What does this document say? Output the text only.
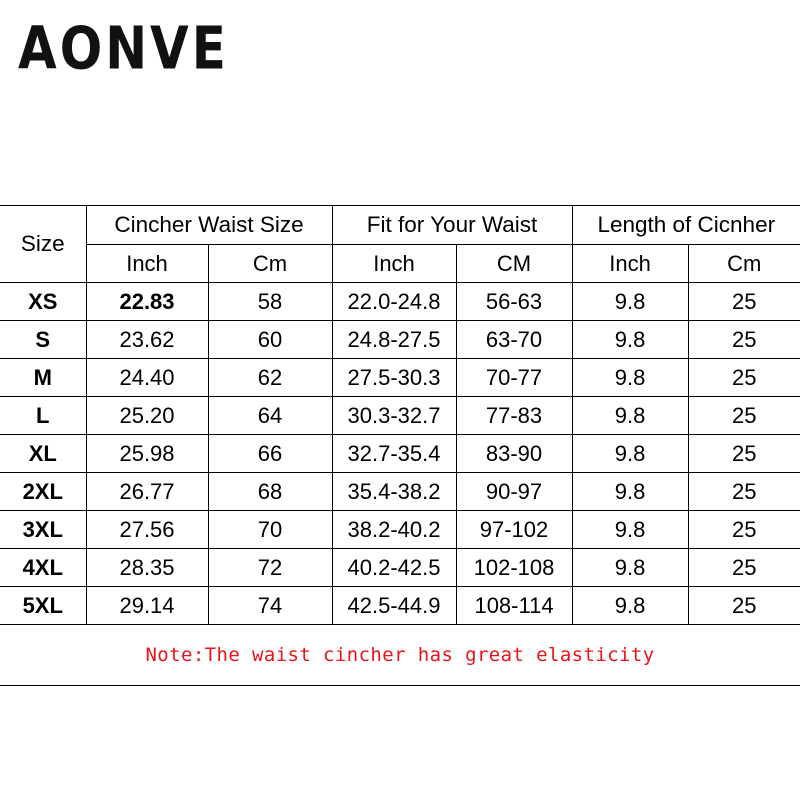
AONVE
Size	Cincher Waist Size		Fit for Your Waist		Length of Cicnher	
	Inch	Cm	Inch	CM	Inch	Cm
XS	22.83	58	22.0-24.8	56-63	9.8	25
S	23.62	60	24.8-27.5	63-70	9.8	25
M	24.40	62	27.5-30.3	70-77	9.8	25
L	25.20	64	30.3-32.7	77-83	9.8	25
XL	25.98	66	32.7-35.4	83-90	9.8	25
2XL	26.77	68	35.4-38.2	90-97	9.8	25
3XL	27.56	70	38.2-40.2	97-102	9.8	25
4XL	28.35	72	40.2-42.5	102-108	9.8	25
5XL	29.14	74	42.5-44.9	108-114	9.8	25
Note:The waist cincher has great elasticity						
